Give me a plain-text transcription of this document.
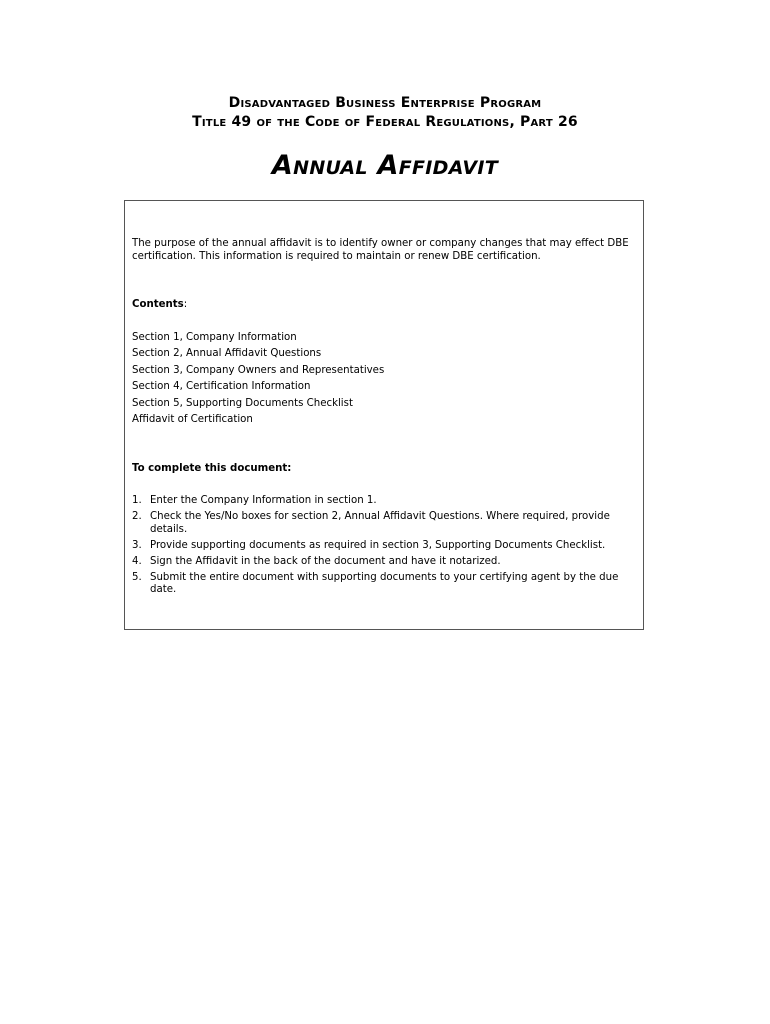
Disadvantaged Business Enterprise Program
Title 49 of the Code of Federal Regulations, Part 26
Annual Affidavit

The purpose of the annual affidavit is to identify owner or company changes that may effect DBE certification. This information is required to maintain or renew DBE certification.

Contents:

Section 1, Company Information
Section 2, Annual Affidavit Questions
Section 3, Company Owners and Representatives
Section 4, Certification Information
Section 5, Supporting Documents Checklist
Affidavit of Certification

To complete this document:

1. Enter the Company Information in section 1.
2. Check the Yes/No boxes for section 2, Annual Affidavit Questions. Where required, provide details.
3. Provide supporting documents as required in section 3, Supporting Documents Checklist.
4. Sign the Affidavit in the back of the document and have it notarized.
5. Submit the entire document with supporting documents to your certifying agent by the due date.
